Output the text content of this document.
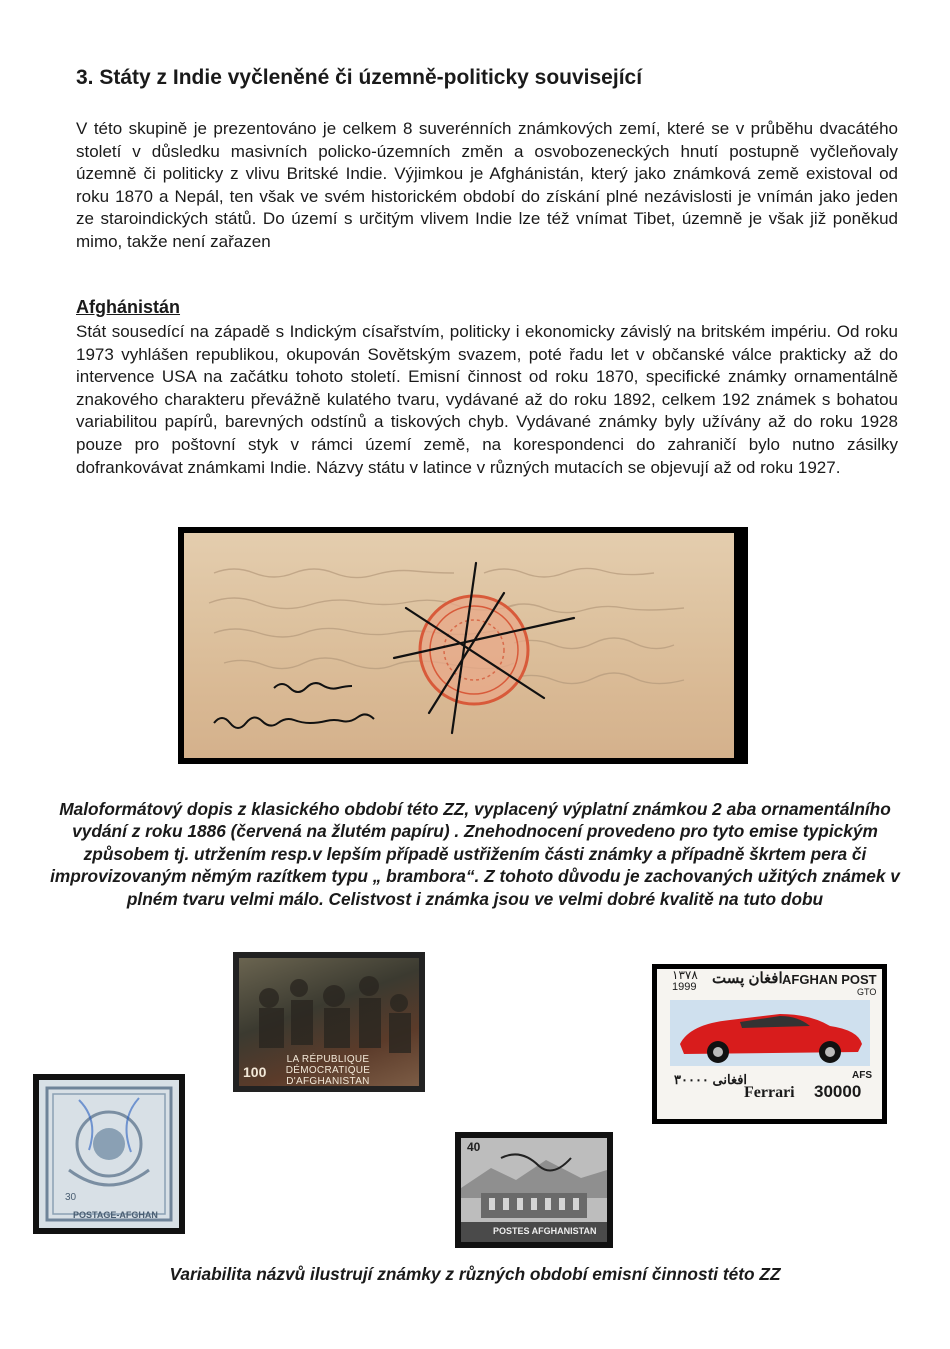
3. Státy z Indie vyčleněné či územně-politicky související
V této skupině je prezentováno je celkem 8 suverénních známkových zemí, které se v průběhu dvacátého století v důsledku masivních policko-územních změn a osvobozeneckých hnutí postupně vyčleňovaly územně či politicky z vlivu Britské Indie. Výjimkou je Afghánistán, který jako známková země existoval od roku 1870 a Nepál, ten však ve svém historickém období do získání plné nezávislosti je vnímán jako jeden ze staroindických států. Do území s určitým vlivem Indie lze též vnímat Tibet, územně je však již poněkud mimo, takže není zařazen
Afghánistán
Stát sousedící na západě s Indickým císařstvím, politicky i ekonomicky závislý na britském impériu. Od roku 1973 vyhlášen republikou, okupován Sovětským svazem, poté řadu let v občanské válce prakticky až do intervence USA na začátku tohoto století. Emisní činnost od roku 1870, specifické známky ornamentálně znakového charakteru převážně kulatého tvaru, vydávané až do roku 1892, celkem 192 známek s bohatou variabilitou papírů, barevných odstínů a tiskových chyb. Vydávané známky byly užívány až do roku 1928 pouze pro poštovní styk v rámci území země, na korespondenci do zahraničí bylo nutno zásilky dofrankovávat známkami Indie. Názvy státu v latince v různých mutacích se objevují až od roku 1927.
Maloformátový dopis z klasického období této ZZ, vyplacený výplatní známkou 2 aba ornamentálního vydání z roku 1886 (červená na žlutém papíru) . Znehodnocení provedeno pro tyto emise typickým způsobem tj. utržením resp.v lepším případě ustřižením části známky a případně škrtem pera či improvizovaným němým razítkem typu „ brambora“. Z tohoto důvodu je zachovaných užitých známek v plném tvaru velmi málo. Celistvost i známka jsou ve velmi dobré kvalitě na tuto dobu
LA RÉPUBLIQUE DÉMOCRATIQUE D'AFGHANISTAN
100
۱۳۷۸
1999 افغان پست AFGHAN POST
GTO
افغانی ۳۰۰۰۰
Ferrari
AFS
30000
30
POSTAGE-AFGHAN
40
POSTES AFGHANISTAN
Variabilita názvů ilustrují známky z různých období emisní činnosti této ZZ
